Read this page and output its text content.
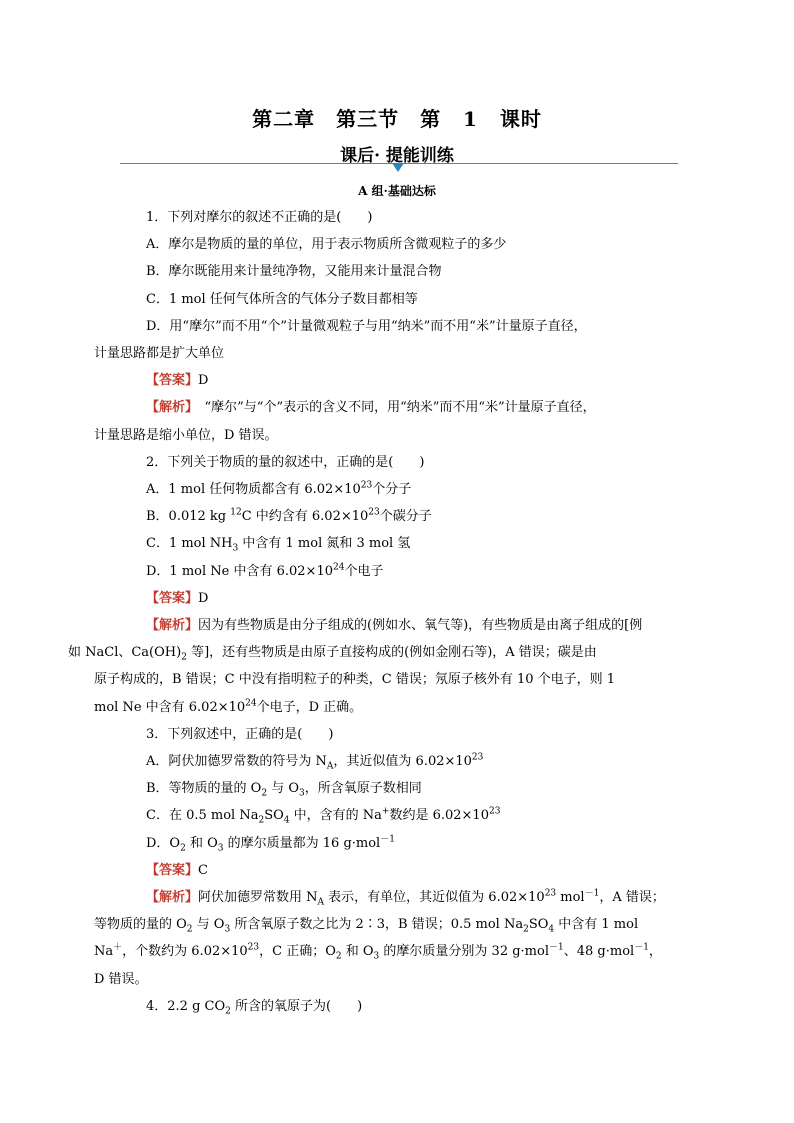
第二章　第三节　第 1 课时
课后· 提能训练
A 组·基础达标

1．下列对摩尔的叙述不正确的是(　　)

A．摩尔是物质的量的单位，用于表示物质所含微观粒子的多少

B．摩尔既能用来计量纯净物，又能用来计量混合物

C．1 mol 任何气体所含的气体分子数目都相等

D．用“摩尔”而不用“个”计量微观粒子与用“纳米”而不用“米”计量原子直径，
计量思路都是扩大单位

【答案】D

【解析】　“摩尔”与“个”表示的含义不同，用“纳米”而不用“米”计量原子直径，
计量思路是缩小单位，D 错误。

2．下列关于物质的量的叙述中，正确的是(　　)

A．1 mol 任何物质都含有 $6.02\times 10^{23}$个分子

B．0.012 kg $^{12}$C 中约含有 $6.02\times 10^{23}$个碳分子

C．1 mol $NH_3$ 中含有 1 mol 氮和 3 mol 氢

D．1 mol Ne 中含有 $6.02\times 10^{24}$个电子

【答案】D

【解析】因为有些物质是由分子组成的(例如水、氧气等)，有些物质是由离子组成的[例
如 NaCl、$Ca(OH)_2$ 等]，还有些物质是由原子直接构成的(例如金刚石等)，A 错误；碳是由
原子构成的，B 错误；C 中没有指明粒子的种类，C 错误；氖原子核外有 10 个电子，则 1
mol Ne 中含有 $6.02\times 10^{24}$个电子，D 正确。

3．下列叙述中，正确的是(　　)

A．阿伏加德罗常数的符号为 $N_A$，其近似值为 $6.02\times 10^{23}$

B．等物质的量的 $O_2$ 与 $O_3$，所含氧原子数相同

C．在 0.5 mol $Na_2SO_4$ 中，含有的 Na+数约是 $6.02\times 10^{23}$

D．$O_2$ 和 $O_3$ 的摩尔质量都为 16 g·mol$^{-1}$

【答案】C

【解析】阿伏加德罗常数用 $N_A$ 表示，有单位，其近似值为 $6.02\times 10^{23}$ mol$^{-1}$，A 错误；
等物质的量的 $O_2$ 与 $O_3$ 所含氧原子数之比为 2∶3，B 错误；0.5 mol $Na_2SO_4$ 中含有 1 mol
Na＋，个数约为 $6.02\times 10^{23}$，C 正确；$O_2$ 和 $O_3$ 的摩尔质量分别为 32 g·mol$^{-1}$、48 g·mol$^{-1}$，
D 错误。

4．2.2 g $CO_2$ 所含的氧原子为(　　)
